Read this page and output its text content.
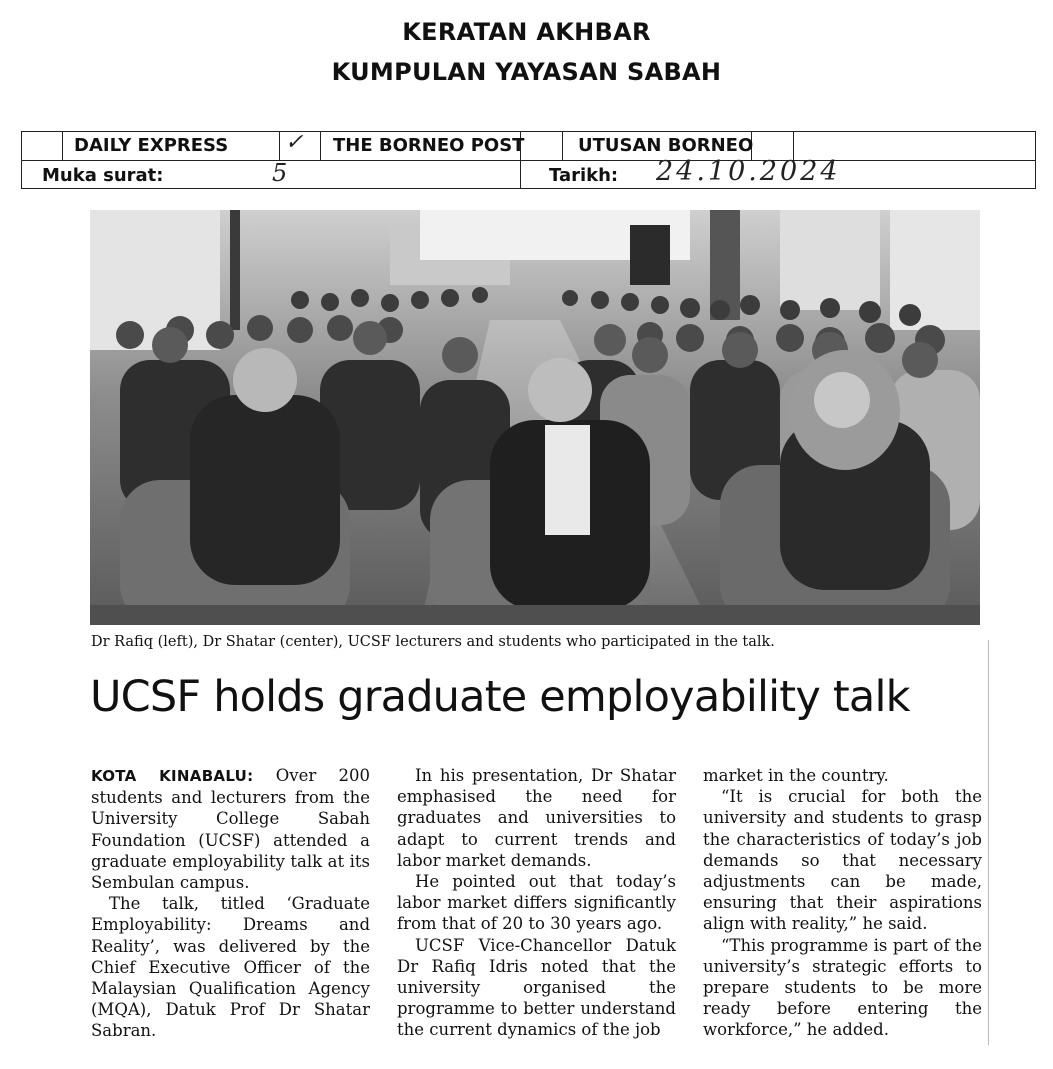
KERATAN AKHBAR
KUMPULAN YAYASAN SABAH
DAILY EXPRESS	✓ THE BORNEO POST	UTUSAN BORNEO
Muka surat:	5	Tarikh: 24.10.2024
Dr Rafiq (left), Dr Shatar (center), UCSF lecturers and students who participated in the talk.
UCSF holds graduate employability talk

KOTA KINABALU: Over 200 students and lecturers from the University College Sabah Foundation (UCSF) attended a graduate employability talk at its Sembulan campus.

The talk, titled ‘Graduate Employability: Dreams and Reality’, was delivered by the Chief Executive Officer of the Malaysian Qualification Agency (MQA), Datuk Prof Dr Shatar Sabran.

In his presentation, Dr Shatar emphasised the need for graduates and universities to adapt to current trends and labor market demands.

He pointed out that today’s labor market differs significantly from that of 20 to 30 years ago.

UCSF Vice-Chancellor Datuk Dr Rafiq Idris noted that the university organised the programme to better understand the current dynamics of the job

market in the country.

“It is crucial for both the university and students to grasp the characteristics of today’s job demands so that necessary adjustments can be made, ensuring that their aspirations align with reality,” he said.

“This programme is part of the university’s strategic efforts to prepare students to be more ready before entering the workforce,” he added.
